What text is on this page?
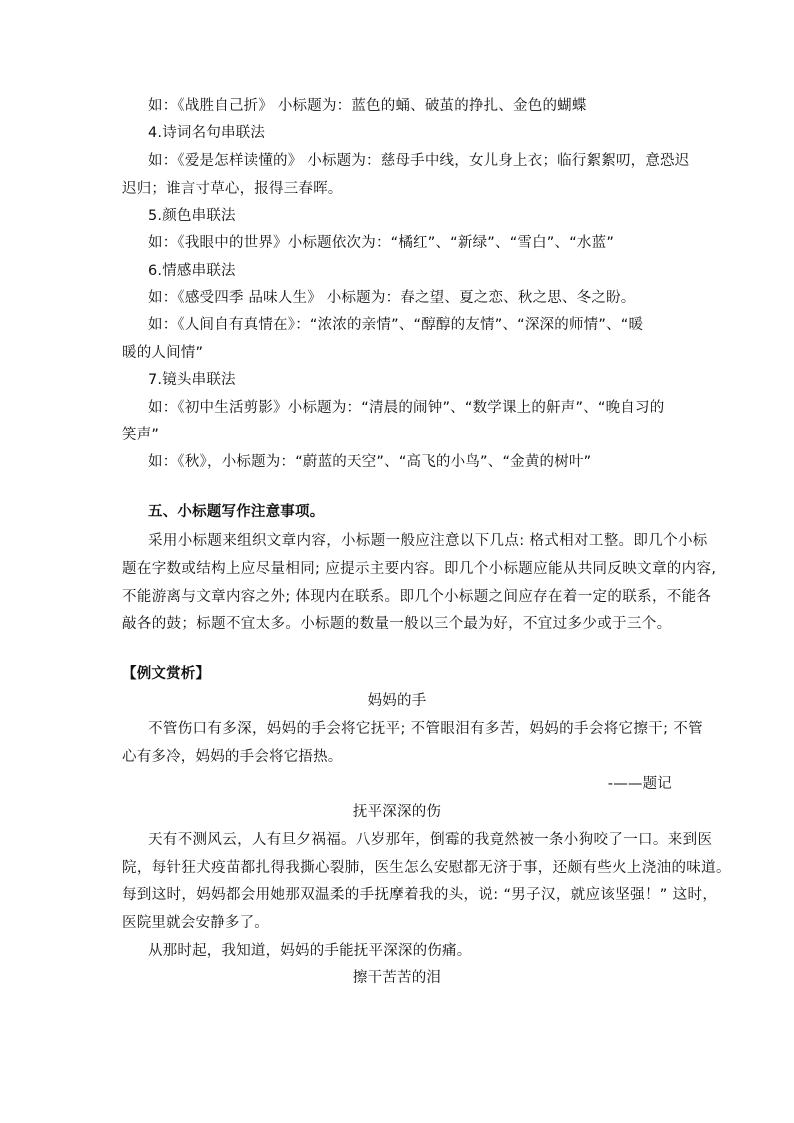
如：《战胜自己折》 小标题为：蓝色的蛹、破茧的挣扎、金色的蝴蝶
4.诗词名句串联法
如：《爱是怎样读懂的》 小标题为：慈母手中线，女儿身上衣；临行絮絮叨，意恐迟
迟归；谁言寸草心，报得三春晖。
5.颜色串联法
如：《我眼中的世界》小标题依次为：“橘红”、“新绿”、“雪白”、“水蓝”
6.情感串联法
如：《感受四季 品味人生》 小标题为：春之望、夏之恋、秋之思、冬之盼。
如：《人间自有真情在》：“浓浓的亲情”、“醇醇的友情”、“深深的师情”、“暖
暖的人间情”
7.镜头串联法
如：《初中生活剪影》小标题为：“清晨的闹钟”、“数学课上的鼾声”、“晚自习的
笑声”
如：《秋》，小标题为：“蔚蓝的天空”、“高飞的小鸟”、“金黄的树叶”
五、小标题写作注意事项。
采用小标题来组织文章内容，小标题一般应注意以下几点: 格式相对工整。即几个小标
题在字数或结构上应尽量相同; 应提示主要内容。即几个小标题应能从共同反映文章的内容,
不能游离与文章内容之外; 体现内在联系。即几个小标题之间应存在着一定的联系，不能各
敲各的鼓；标题不宜太多。小标题的数量一般以三个最为好，不宜过多少或于三个。
【例文赏析】
妈妈的手
不管伤口有多深，妈妈的手会将它抚平; 不管眼泪有多苦，妈妈的手会将它擦干; 不管
心有多冷，妈妈的手会将它捂热。
-——题记
抚平深深的伤
天有不测风云，人有旦夕祸福。八岁那年，倒霉的我竟然被一条小狗咬了一口。来到医
院，每针狂犬疫苗都扎得我撕心裂肺，医生怎么安慰都无济于事，还颇有些火上浇油的味道。
每到这时，妈妈都会用她那双温柔的手抚摩着我的头，说: “男子汉，就应该坚强！” 这时，
医院里就会安静多了。
从那时起，我知道，妈妈的手能抚平深深的伤痛。
擦干苦苦的泪
